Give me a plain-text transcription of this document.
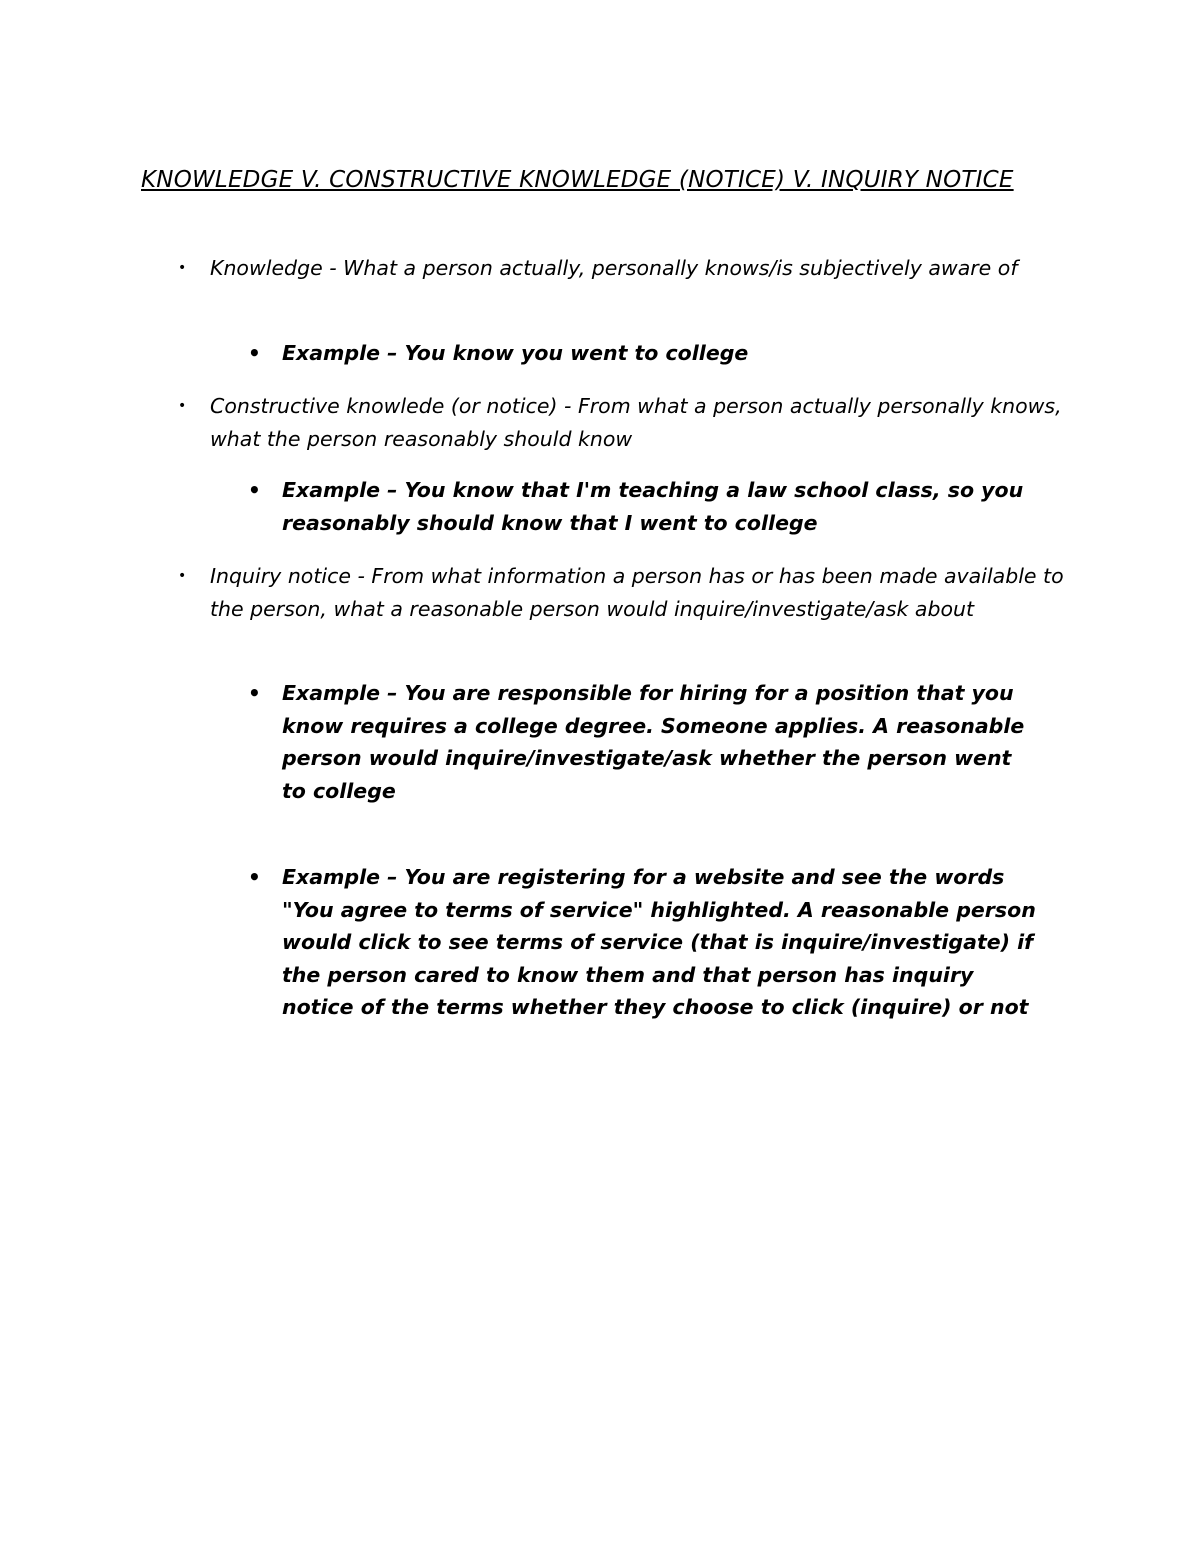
KNOWLEDGE V. CONSTRUCTIVE KNOWLEDGE (NOTICE) V. INQUIRY NOTICE

• Knowledge - What a person actually, personally knows/is subjectively aware of

• Example – You know you went to college

• Constructive knowlede (or notice) - From what a person actually personally knows, what the person reasonably should know

• Example – You know that I'm teaching a law school class, so you reasonably should know that I went to college

• Inquiry notice - From what information a person has or has been made available to the person, what a reasonable person would inquire/investigate/ask about

• Example – You are responsible for hiring for a position that you know requires a college degree. Someone applies. A reasonable person would inquire/investigate/ask whether the person went to college

• Example – You are registering for a website and see the words "You agree to terms of service" highlighted. A reasonable person would click to see terms of service (that is inquire/investigate) if the person cared to know them and that person has inquiry notice of the terms whether they choose to click (inquire) or not
